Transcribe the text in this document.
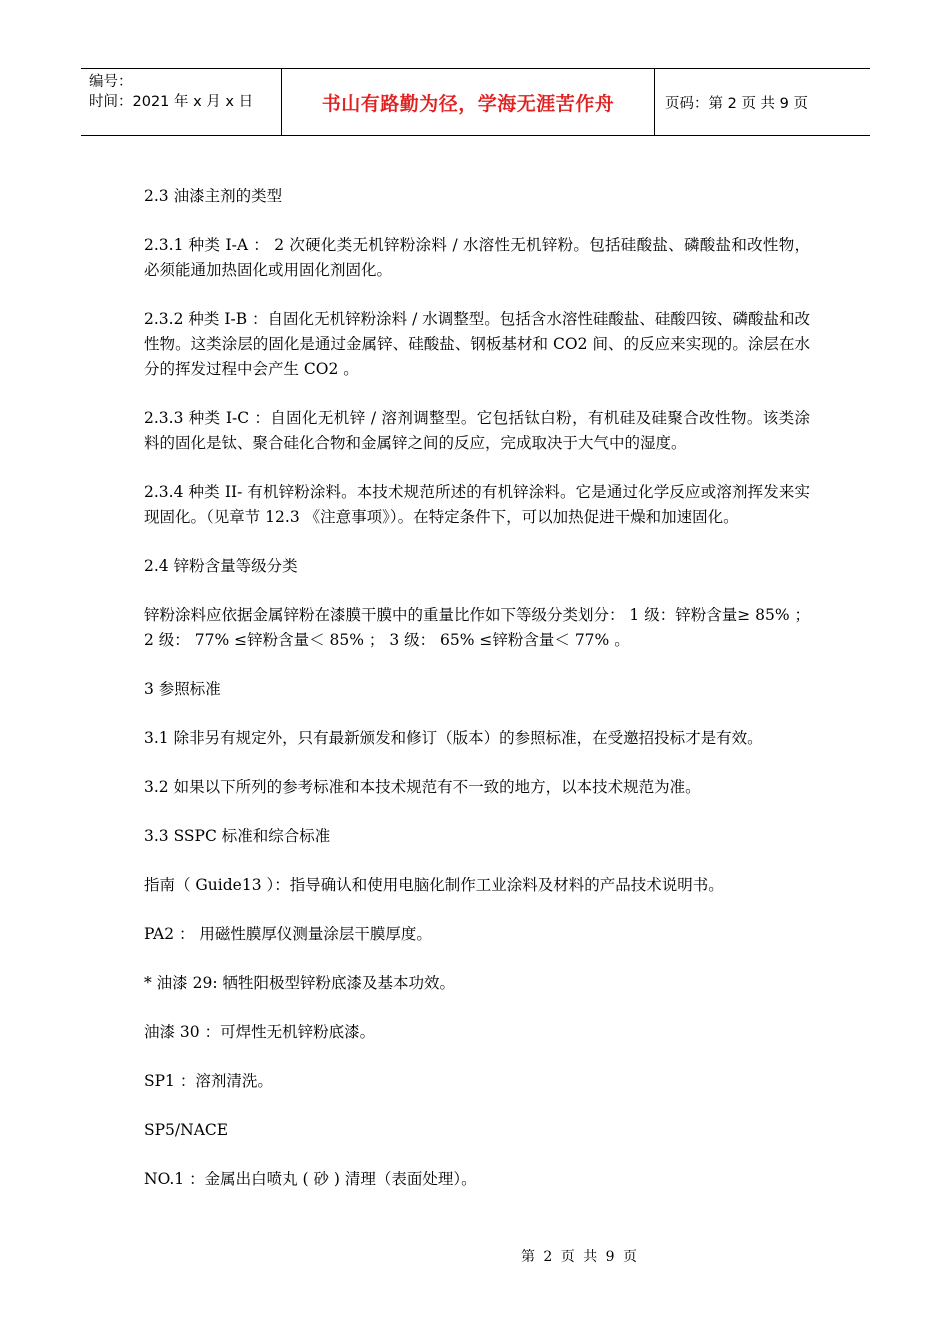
编号：
时间：2021 年 x 月 x 日	书山有路勤为径，学海无涯苦作舟	页码：第 2 页 共 9 页

2.3 油漆主剂的类型

2.3.1 种类 I-A ： 2 次硬化类无机锌粉涂料 / 水溶性无机锌粉。包括硅酸盐、磷酸盐和改性物，必须能通加热固化或用固化剂固化。

2.3.2 种类 I-B ：自固化无机锌粉涂料 / 水调整型。包括含水溶性硅酸盐、硅酸四铵、磷酸盐和改性物。这类涂层的固化是通过金属锌、硅酸盐、钢板基材和 CO2 间、的反应来实现的。涂层在水分的挥发过程中会产生 CO2 。

2.3.3 种类 I-C ：自固化无机锌 / 溶剂调整型。它包括钛白粉，有机硅及硅聚合改性物。该类涂料的固化是钛、聚合硅化合物和金属锌之间的反应，完成取决于大气中的湿度。

2.3.4 种类 II- 有机锌粉涂料。本技术规范所述的有机锌涂料。它是通过化学反应或溶剂挥发来实现固化。（见章节 12.3 《注意事项》）。在特定条件下，可以加热促进干燥和加速固化。

2.4 锌粉含量等级分类

锌粉涂料应依据金属锌粉在漆膜干膜中的重量比作如下等级分类划分： 1 级：锌粉含量≥ 85% ； 2 级： 77% ≤锌粉含量＜ 85% ； 3 级： 65% ≤锌粉含量＜ 77% 。

3 参照标准

3.1 除非另有规定外，只有最新颁发和修订（版本）的参照标准，在受邀招投标才是有效。

3.2 如果以下所列的参考标准和本技术规范有不一致的地方，以本技术规范为准。

3.3 SSPC 标准和综合标准

指南（ Guide13 ）：指导确认和使用电脑化制作工业涂料及材料的产品技术说明书。

PA2 ： 用磁性膜厚仪测量涂层干膜厚度。

* 油漆 29: 牺牲阳极型锌粉底漆及基本功效。

油漆 30 ：可焊性无机锌粉底漆。

SP1 ：溶剂清洗。

SP5/NACE

NO.1 ：金属出白喷丸 ( 砂 ) 清理（表面处理）。

第 2 页 共 9 页
